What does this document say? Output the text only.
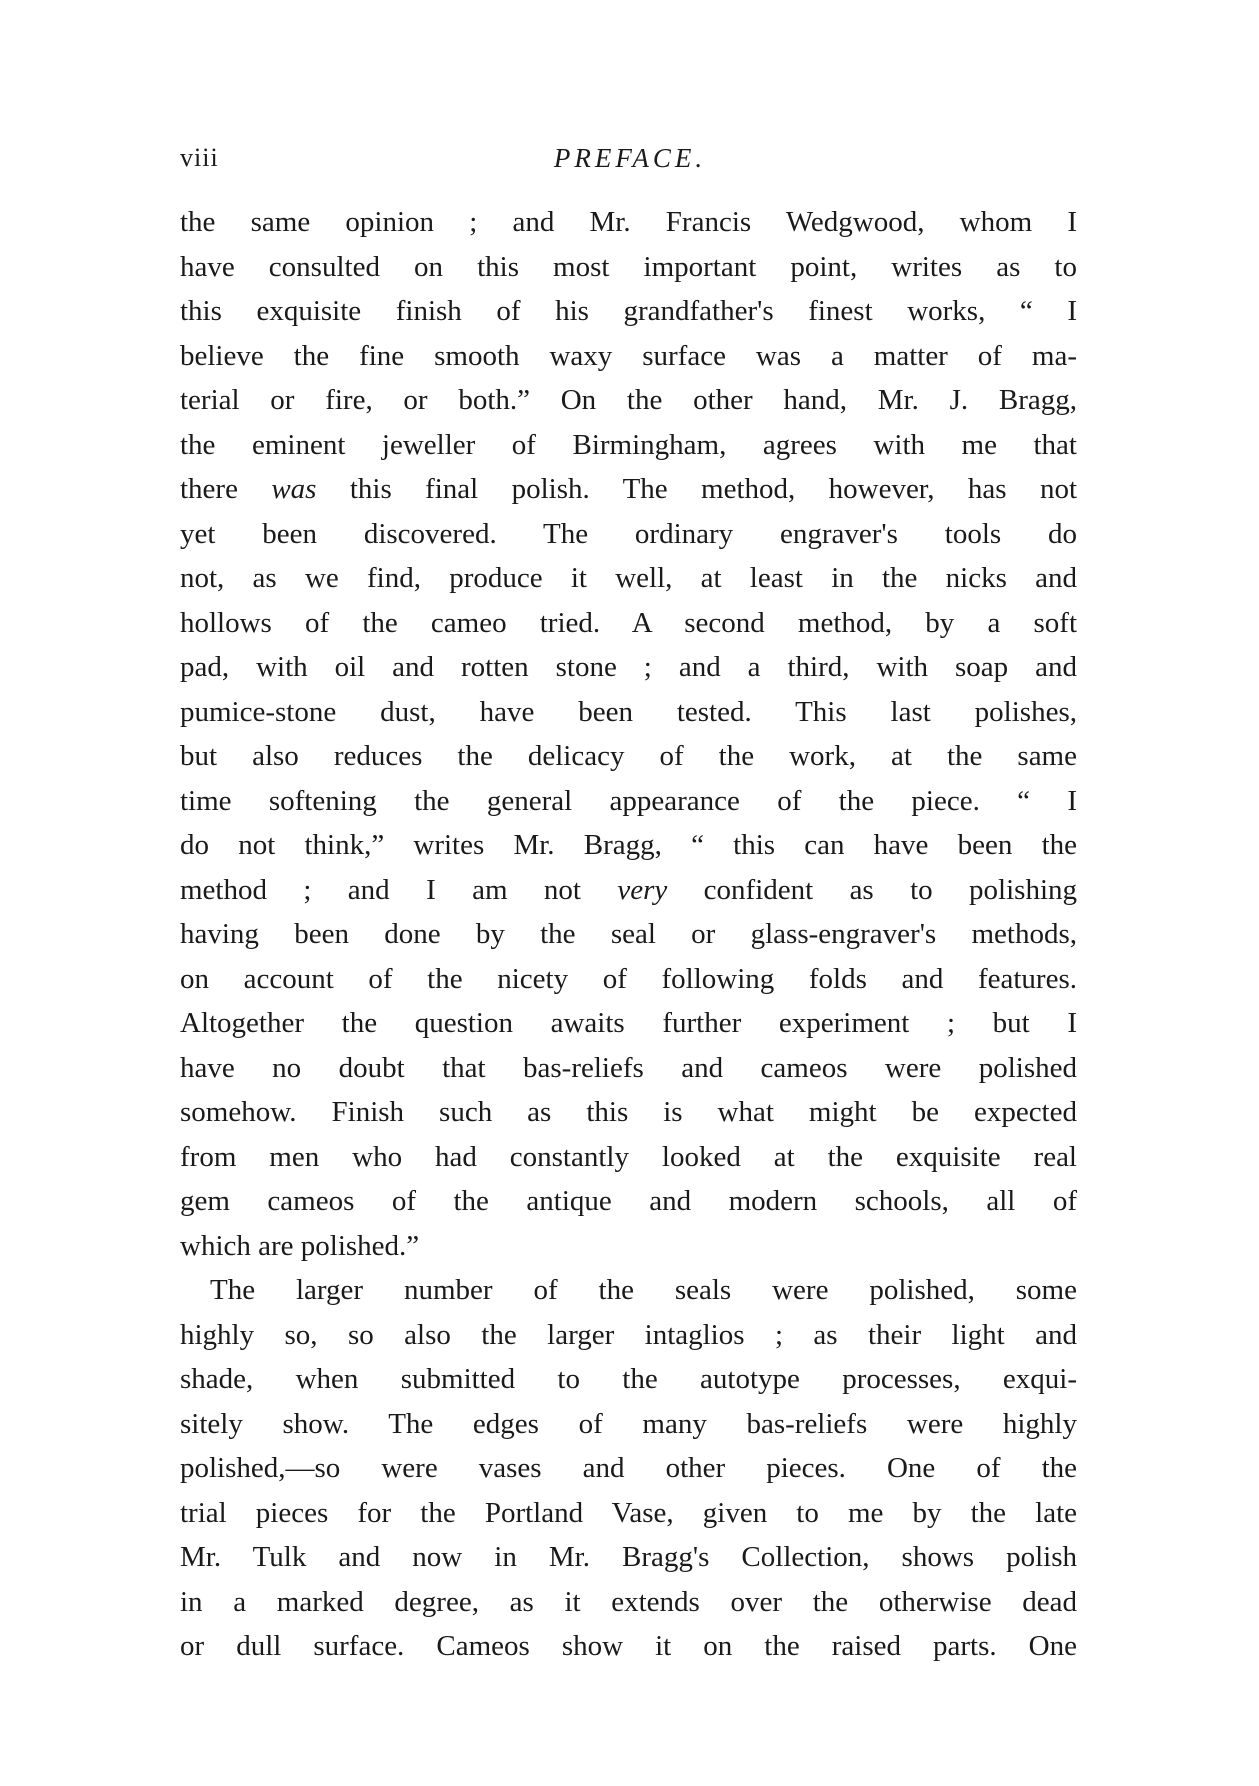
viii	PREFACE.
the same opinion ; and Mr. Francis Wedgwood, whom I
have consulted on this most important point, writes as to
this exquisite finish of his grandfather's finest works, “ I
believe the fine smooth waxy surface was a matter of ma-
terial or fire, or both.” On the other hand, Mr. J. Bragg,
the eminent jeweller of Birmingham, agrees with me that
there was this final polish. The method, however, has not
yet been discovered. The ordinary engraver's tools do
not, as we find, produce it well, at least in the nicks and
hollows of the cameo tried. A second method, by a soft
pad, with oil and rotten stone ; and a third, with soap and
pumice-stone dust, have been tested. This last polishes,
but also reduces the delicacy of the work, at the same
time softening the general appearance of the piece. “ I
do not think,” writes Mr. Bragg, “ this can have been the
method ; and I am not very confident as to polishing
having been done by the seal or glass-engraver's methods,
on account of the nicety of following folds and features.
Altogether the question awaits further experiment ; but I
have no doubt that bas-reliefs and cameos were polished
somehow. Finish such as this is what might be expected
from men who had constantly looked at the exquisite real
gem cameos of the antique and modern schools, all of
which are polished.”
The larger number of the seals were polished, some
highly so, so also the larger intaglios ; as their light and
shade, when submitted to the autotype processes, exqui-
sitely show. The edges of many bas-reliefs were highly
polished,—so were vases and other pieces. One of the
trial pieces for the Portland Vase, given to me by the late
Mr. Tulk and now in Mr. Bragg's Collection, shows polish
in a marked degree, as it extends over the otherwise dead
or dull surface. Cameos show it on the raised parts. One
